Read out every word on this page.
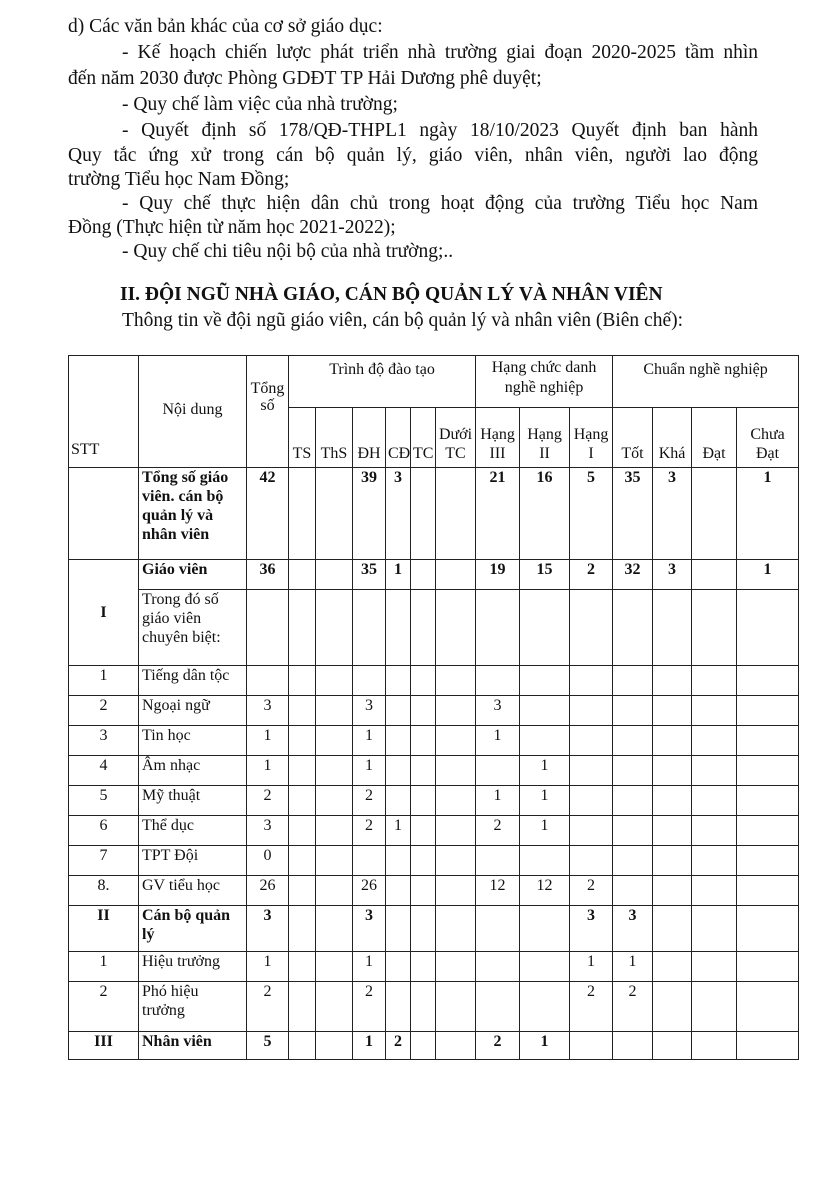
d) Các văn bản khác của cơ sở giáo dục:
- Kế hoạch chiến lược phát triển nhà trường giai đoạn 2020-2025 tầm nhìn
đến năm 2030 được Phòng GDĐT TP Hải Dương phê duyệt;
- Quy chế làm việc của nhà trường;
- Quyết định số 178/QĐ-THPL1 ngày 18/10/2023 Quyết định ban hành
Quy tắc ứng xử trong cán bộ quản lý, giáo viên, nhân viên, người lao động
trường Tiểu học Nam Đồng;
- Quy chế thực hiện dân chủ trong hoạt động của trường Tiểu học Nam
Đồng (Thực hiện từ năm học 2021-2022);
- Quy chế chi tiêu nội bộ của nhà trường;..
II. ĐỘI NGŨ NHÀ GIÁO, CÁN BỘ QUẢN LÝ VÀ NHÂN VIÊN
Thông tin về đội ngũ giáo viên, cán bộ quản lý và nhân viên (Biên chế):
STT	Nội dung	Tổng số	Trình độ đào tạo						Hạng chức danh nghề nghiệp			Chuẩn nghề nghiệp			
			TS	ThS	ĐH	CĐ	TC	Dưới TC	Hạng III	Hạng II	Hạng I	Tốt	Khá	Đạt	Chưa Đạt
	Tổng số giáo viên. cán bộ quản lý và nhân viên	42			39	3			21	16	5	35	3		1
I	Giáo viên	36			35	1			19	15	2	32	3		1
	Trong đó số giáo viên chuyên biệt:														
1	Tiếng dân tộc														
2	Ngoại ngữ	3			3				3						
3	Tin học	1			1				1						
4	Âm nhạc	1			1					1					
5	Mỹ thuật	2			2				1	1					
6	Thể dục	3			2	1			2	1					
7	TPT Đội	0													
8.	GV tiểu học	26			26				12	12	2				
II	Cán bộ quản lý	3			3						3	3			
1	Hiệu trưởng	1			1						1	1			
2	Phó hiệu trưởng	2			2						2	2			
III	Nhân viên	5			1	2			2	1					
